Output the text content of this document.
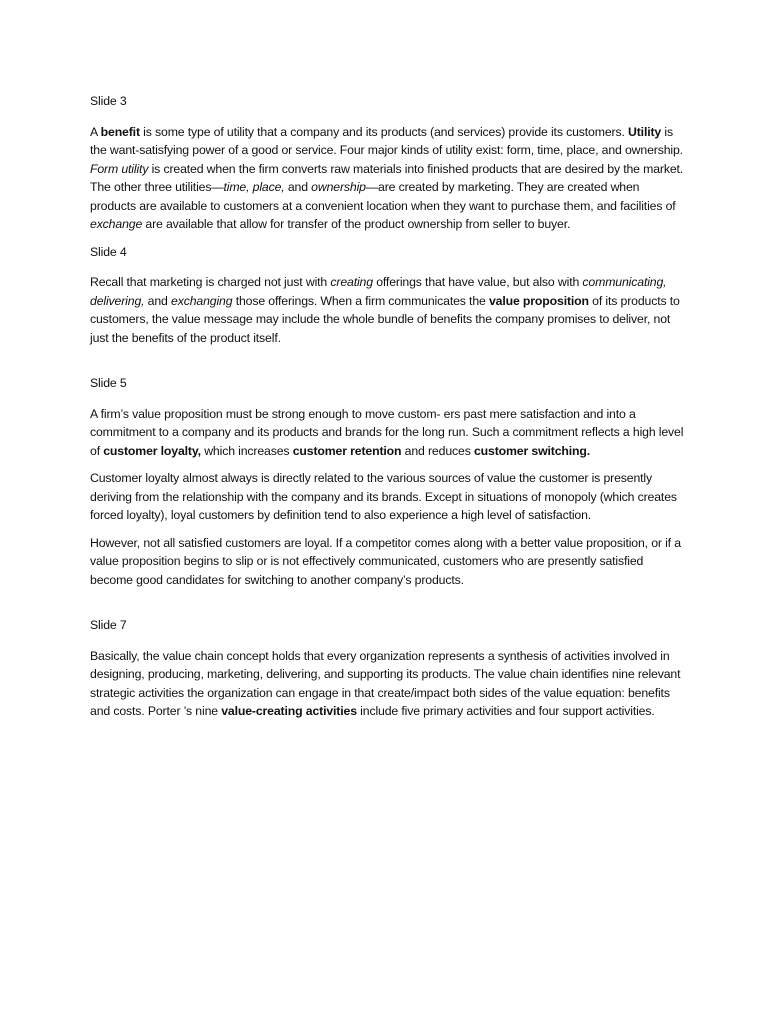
Slide 3
A benefit is some type of utility that a company and its products (and services) provide its customers. Utility is the want-satisfying power of a good or service. Four major kinds of utility exist: form, time, place, and ownership. Form utility is created when the firm converts raw materials into finished products that are desired by the market. The other three utilities—time, place, and ownership—are created by marketing. They are created when products are available to customers at a convenient location when they want to purchase them, and facilities of exchange are available that allow for transfer of the product ownership from seller to buyer.
Slide 4
Recall that marketing is charged not just with creating offerings that have value, but also with communicating, delivering, and exchanging those offerings. When a firm communicates the value proposition of its products to customers, the value message may include the whole bundle of benefits the company promises to deliver, not just the benefits of the product itself.
Slide 5
A firm’s value proposition must be strong enough to move custom- ers past mere satisfaction and into a commitment to a company and its products and brands for the long run. Such a commitment reflects a high level of customer loyalty, which increases customer retention and reduces customer switching.
Customer loyalty almost always is directly related to the various sources of value the customer is presently deriving from the relationship with the company and its brands. Except in situations of monopoly (which creates forced loyalty), loyal customers by definition tend to also experience a high level of satisfaction.
However, not all satisfied customers are loyal. If a competitor comes along with a better value proposition, or if a value proposition begins to slip or is not effectively communicated, customers who are presently satisfied become good candidates for switching to another company’s products.
Slide 7
Basically, the value chain concept holds that every organization represents a synthesis of activities involved in designing, producing, marketing, delivering, and supporting its products. The value chain identifies nine relevant strategic activities the organization can engage in that create/impact both sides of the value equation: benefits and costs. Porter ’s nine value-creating activities include five primary activities and four support activities.
